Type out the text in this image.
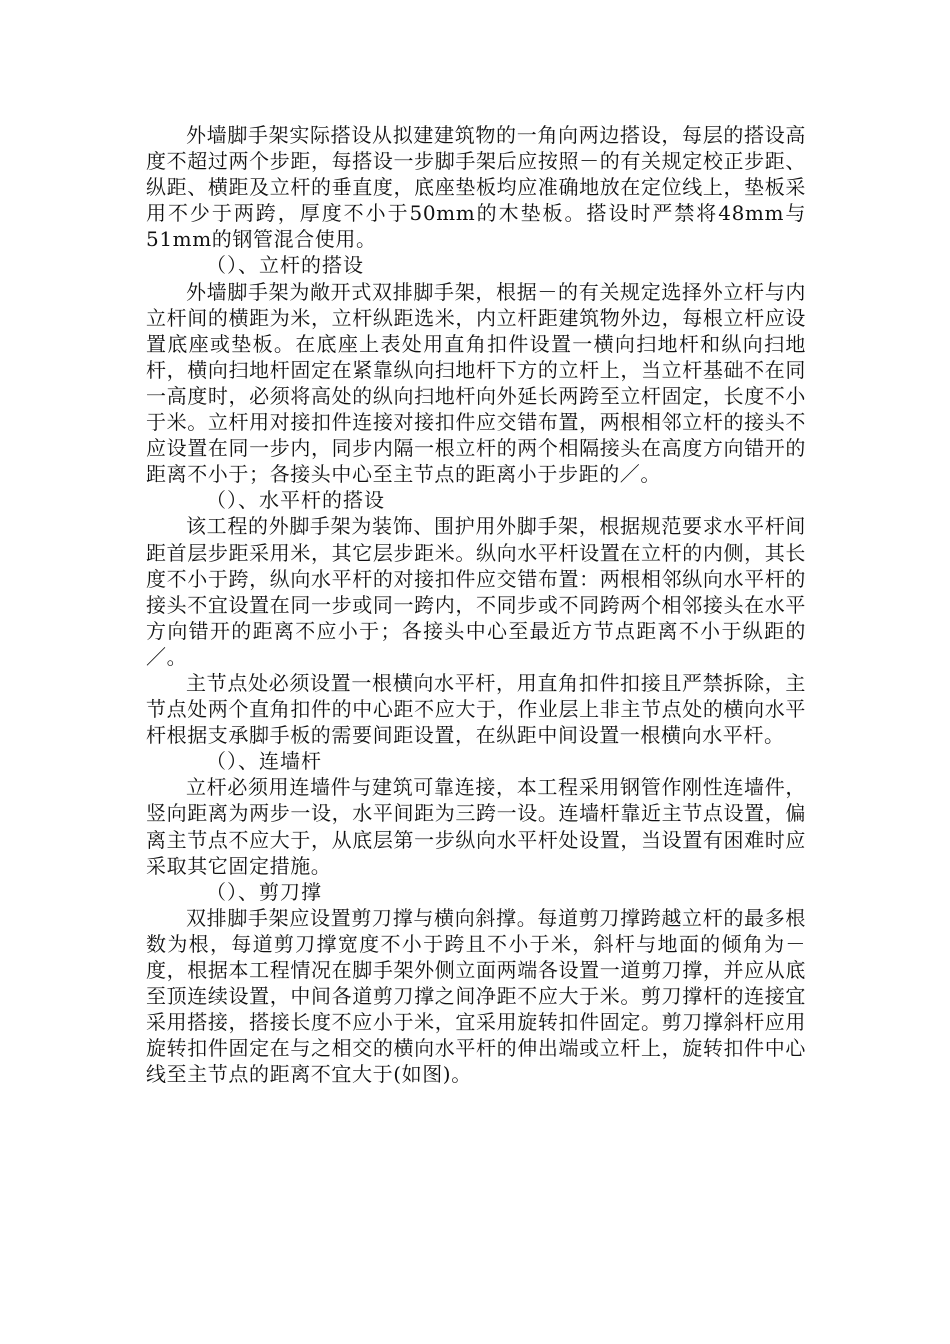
外墙脚手架实际搭设从拟建建筑物的一角向两边搭设，每层的搭设高度不超过两个步距，每搭设一步脚手架后应按照－的有关规定校正步距、纵距、横距及立杆的垂直度，底座垫板均应准确地放在定位线上，垫板采用不少于两跨，厚度不小于50mm的木垫板。搭设时严禁将48mm与51mm的钢管混合使用。

（）、立杆的搭设

外墙脚手架为敞开式双排脚手架，根据－的有关规定选择外立杆与内立杆间的横距为米，立杆纵距选米，内立杆距建筑物外边，每根立杆应设置底座或垫板。在底座上表处用直角扣件设置一横向扫地杆和纵向扫地杆，横向扫地杆固定在紧靠纵向扫地杆下方的立杆上，当立杆基础不在同一高度时，必须将高处的纵向扫地杆向外延长两跨至立杆固定，长度不小于米。立杆用对接扣件连接对接扣件应交错布置，两根相邻立杆的接头不应设置在同一步内，同步内隔一根立杆的两个相隔接头在高度方向错开的距离不小于；各接头中心至主节点的距离小于步距的／。

（）、水平杆的搭设

该工程的外脚手架为装饰、围护用外脚手架，根据规范要求水平杆间距首层步距采用米，其它层步距米。纵向水平杆设置在立杆的内侧，其长度不小于跨，纵向水平杆的对接扣件应交错布置：两根相邻纵向水平杆的接头不宜设置在同一步或同一跨内，不同步或不同跨两个相邻接头在水平方向错开的距离不应小于；各接头中心至最近方节点距离不小于纵距的／。

主节点处必须设置一根横向水平杆，用直角扣件扣接且严禁拆除，主节点处两个直角扣件的中心距不应大于，作业层上非主节点处的横向水平杆根据支承脚手板的需要间距设置，在纵距中间设置一根横向水平杆。

（）、连墙杆

立杆必须用连墙件与建筑可靠连接，本工程采用钢管作刚性连墙件，竖向距离为两步一设，水平间距为三跨一设。连墙杆靠近主节点设置，偏离主节点不应大于，从底层第一步纵向水平杆处设置，当设置有困难时应采取其它固定措施。

（）、剪刀撑

双排脚手架应设置剪刀撑与横向斜撑。每道剪刀撑跨越立杆的最多根数为根，每道剪刀撑宽度不小于跨且不小于米，斜杆与地面的倾角为－度，根据本工程情况在脚手架外侧立面两端各设置一道剪刀撑，并应从底至顶连续设置，中间各道剪刀撑之间净距不应大于米。剪刀撑杆的连接宜采用搭接，搭接长度不应小于米，宜采用旋转扣件固定。剪刀撑斜杆应用旋转扣件固定在与之相交的横向水平杆的伸出端或立杆上，旋转扣件中心线至主节点的距离不宜大于(如图)。
